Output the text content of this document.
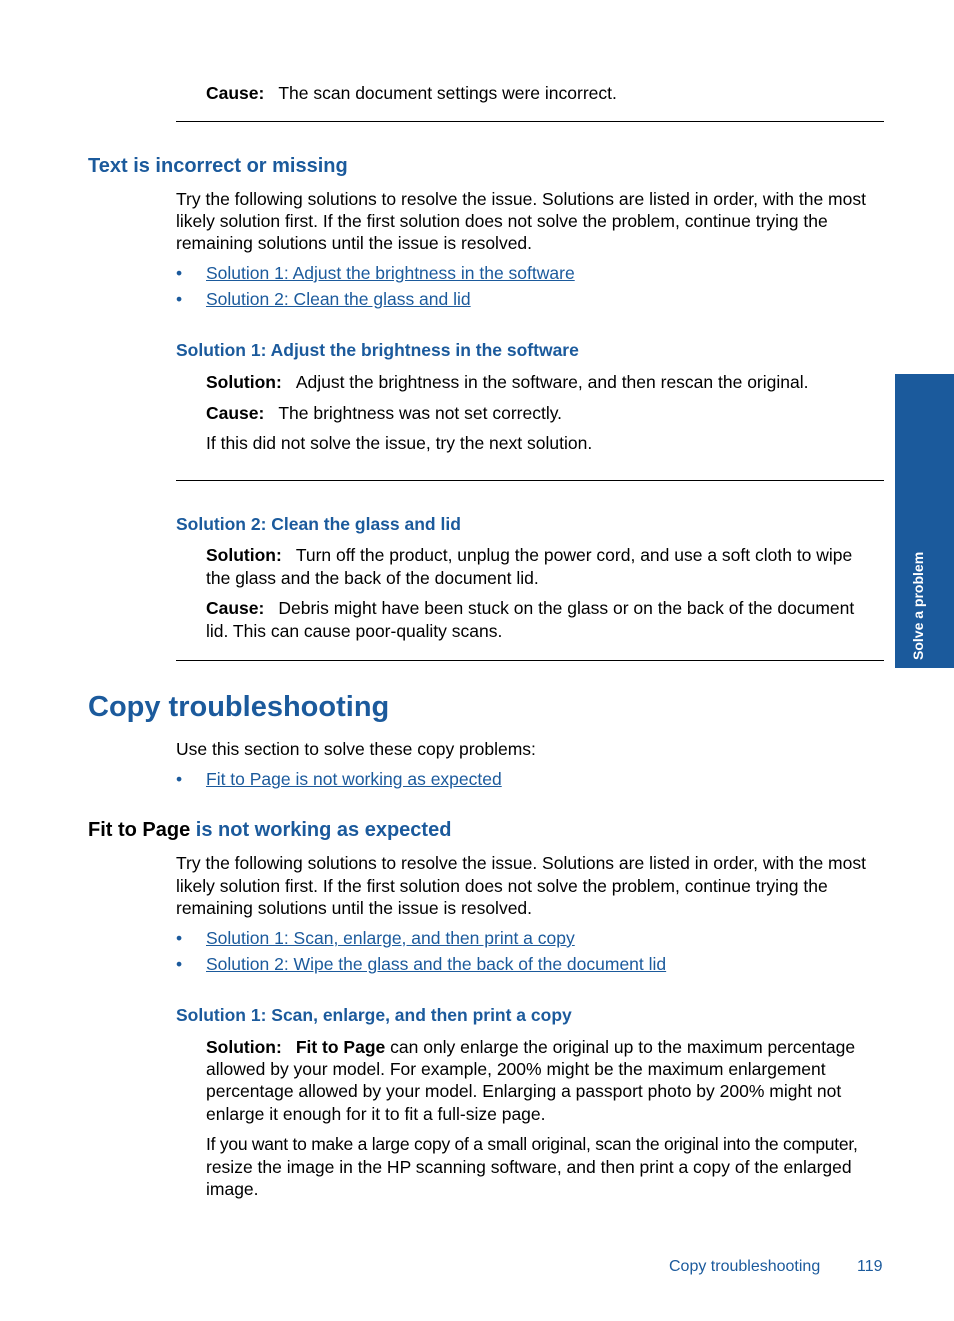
Cause: The scan document settings were incorrect.

Text is incorrect or missing

Try the following solutions to resolve the issue. Solutions are listed in order, with the most

likely solution first. If the first solution does not solve the problem, continue trying the

remaining solutions until the issue is resolved.

• Solution 1: Adjust the brightness in the software
• Solution 2: Clean the glass and lid
Solution 1: Adjust the brightness in the software

Solution: Adjust the brightness in the software, and then rescan the original.

Cause: The brightness was not set correctly.

If this did not solve the issue, try the next solution.

Solution 2: Clean the glass and lid

Solution: Turn off the product, unplug the power cord, and use a soft cloth to wipe

the glass and the back of the document lid.

Cause: Debris might have been stuck on the glass or on the back of the document

lid. This can cause poor-quality scans.

Copy troubleshooting

Use this section to solve these copy problems:

• Fit to Page is not working as expected
Fit to Page is not working as expected

Try the following solutions to resolve the issue. Solutions are listed in order, with the most

likely solution first. If the first solution does not solve the problem, continue trying the

remaining solutions until the issue is resolved.

• Solution 1: Scan, enlarge, and then print a copy
• Solution 2: Wipe the glass and the back of the document lid
Solution 1: Scan, enlarge, and then print a copy

Solution: Fit to Page can only enlarge the original up to the maximum percentage

allowed by your model. For example, 200% might be the maximum enlargement

percentage allowed by your model. Enlarging a passport photo by 200% might not

enlarge it enough for it to fit a full-size page.

If you want to make a large copy of a small original, scan the original into the computer,

resize the image in the HP scanning software, and then print a copy of the enlarged

image.

Solve a problem
Copy troubleshooting 119
